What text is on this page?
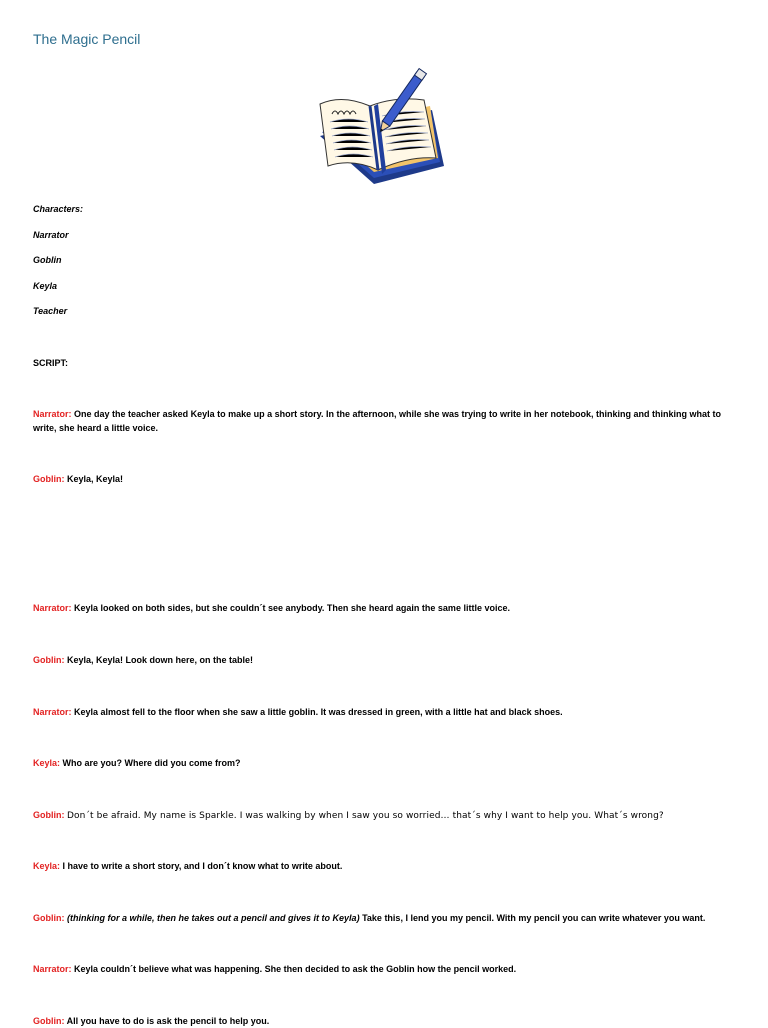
The Magic Pencil
Characters:
Narrator
Goblin
Keyla
Teacher
SCRIPT:
Narrator: One day the teacher asked Keyla to make up a short story. In the afternoon, while she was trying to write in her notebook, thinking and thinking what to write, she heard a little voice.
Goblin: Keyla, Keyla!
Narrator: Keyla looked on both sides, but she couldn´t see anybody. Then she heard again the same little voice.
Goblin: Keyla, Keyla! Look down here, on the table!
Narrator: Keyla almost fell to the floor when she saw a little goblin. It was dressed in green, with a little hat and black shoes.
Keyla: Who are you? Where did you come from?
Goblin: Don´t be afraid. My name is Sparkle. I was walking by when I saw you so worried… that´s why I want to help you. What´s wrong?
Keyla: I have to write a short story, and I don´t know what to write about.
Goblin: (thinking for a while, then he takes out a pencil and gives it to Keyla) Take this, I lend you my pencil. With my pencil you can write whatever you want.
Narrator: Keyla couldn´t believe what was happening. She then decided to ask the Goblin how the pencil worked.
Goblin: All you have to do is ask the pencil to help you.
